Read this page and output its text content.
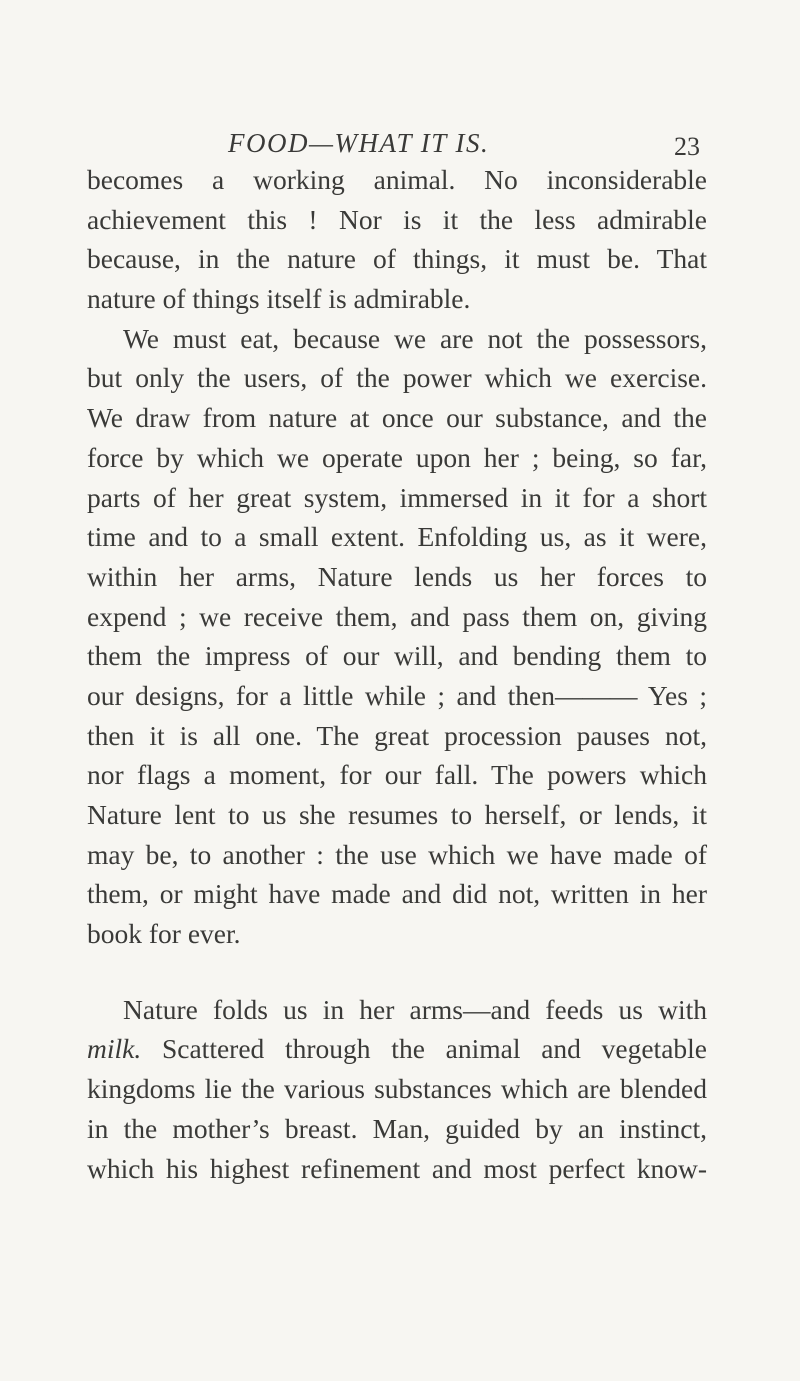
FOOD—WHAT IT IS.	23
becomes a working animal. No inconsiderable
achievement this ! Nor is it the less admirable
because, in the nature of things, it must be. That
nature of things itself is admirable.
We must eat, because we are not the possessors,
but only the users, of the power which we exercise.
We draw from nature at once our substance, and the
force by which we operate upon her ; being, so far,
parts of her great system, immersed in it for a short
time and to a small extent. Enfolding us, as it were,
within her arms, Nature lends us her forces to
expend ; we receive them, and pass them on, giving
them the impress of our will, and bending them to
our designs, for a little while ; and then——— Yes ;
then it is all one. The great procession pauses not,
nor flags a moment, for our fall. The powers which
Nature lent to us she resumes to herself, or lends, it
may be, to another : the use which we have made of
them, or might have made and did not, written in her
book for ever.
Nature folds us in her arms—and feeds us with
milk. Scattered through the animal and vegetable
kingdoms lie the various substances which are blended
in the mother’s breast. Man, guided by an instinct,
which his highest refinement and most perfect know-
